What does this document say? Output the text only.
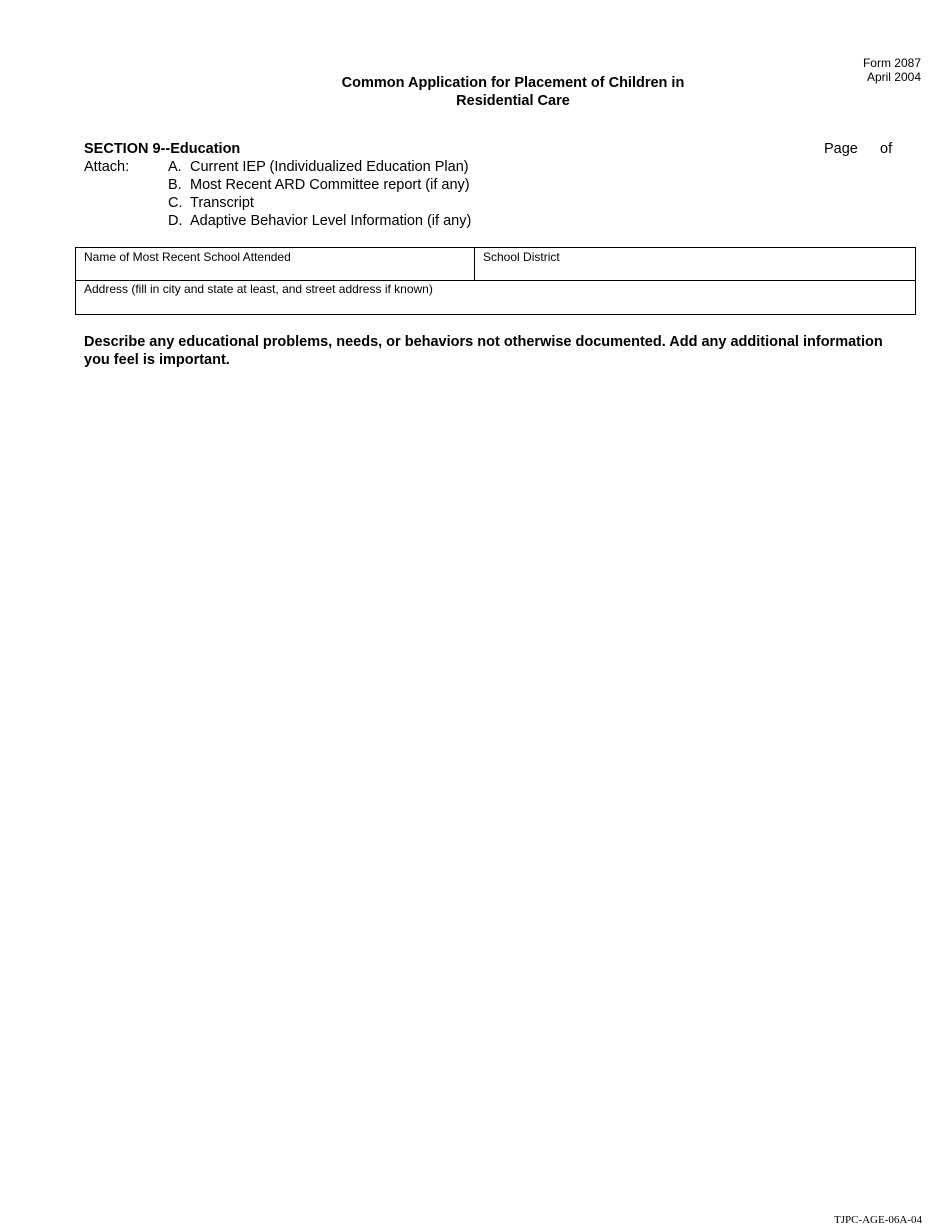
Form 2087
April 2004
Common Application for Placement of Children in
Residential Care
SECTION 9--Education	Page of
Attach:	A. Current IEP (Individualized Education Plan)
B. Most Recent ARD Committee report (if any)
C. Transcript
D. Adaptive Behavior Level Information (if any)
Name of Most Recent School Attended	School District
Address (fill in city and state at least, and street address if known)
Describe any educational problems, needs, or behaviors not otherwise documented. Add any additional information you feel is important.
TJPC-AGE-06A-04
